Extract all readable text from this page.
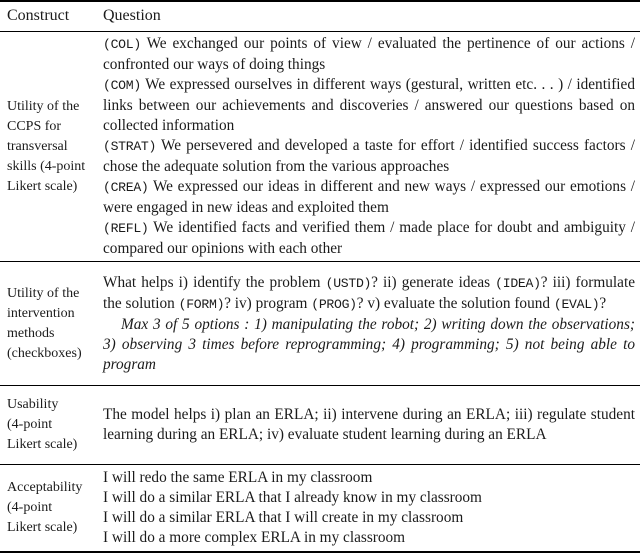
Construct	Question
Utility of the
CCPS for
transversal
skills (4-point
Likert scale)

(COL) We exchanged our points of view / evaluated the pertinence of our actions / confronted our ways of doing things

(COM) We expressed ourselves in different ways (gestural, written etc. . . ) / identified links between our achievements and discoveries / answered our questions based on collected information

(STRAT) We persevered and developed a taste for effort / identified success factors / chose the adequate solution from the various approaches

(CREA) We expressed our ideas in different and new ways / expressed our emotions / were engaged in new ideas and exploited them

(REFL) We identified facts and verified them / made place for doubt and ambiguity / compared our opinions with each other

Utility of the
intervention
methods
(checkboxes)

What helps i) identify the problem (USTD)? ii) generate ideas (IDEA)? iii) formulate the solution (FORM)? iv) program (PROG)? v) evaluate the solution found (EVAL)?

Max 3 of 5 options : 1) manipulating the robot; 2) writing down the observations; 3) observing 3 times before reprogramming; 4) programming; 5) not being able to program

Usability
(4-point
Likert scale)

The model helps i) plan an ERLA; ii) intervene during an ERLA; iii) regulate student learning during an ERLA; iv) evaluate student learning during an ERLA

Acceptability
(4-point
Likert scale)

I will redo the same ERLA in my classroom

I will do a similar ERLA that I already know in my classroom

I will do a similar ERLA that I will create in my classroom

I will do a more complex ERLA in my classroom
